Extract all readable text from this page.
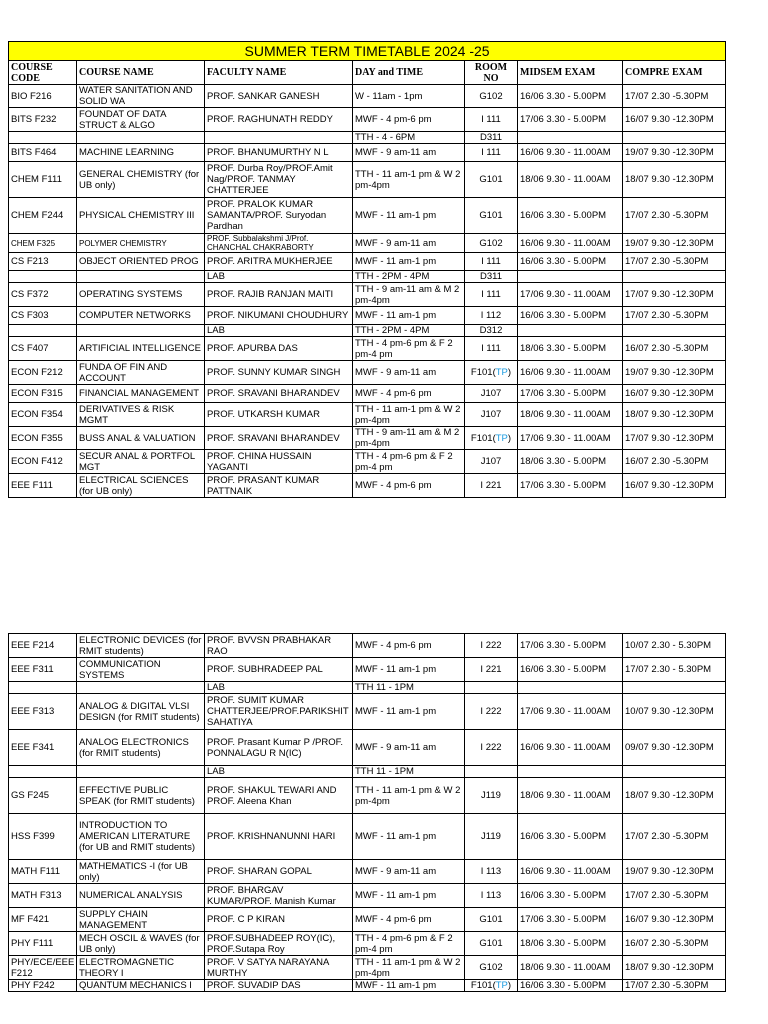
SUMMER TERM TIMETABLE 2024 -25						
COURSE CODE	COURSE NAME	FACULTY NAME	DAY and TIME	ROOM NO	MIDSEM EXAM	COMPRE EXAM
BIO F216	WATER SANITATION AND SOLID WA	PROF. SANKAR GANESH	W - 11am - 1pm	G102	16/06 3.30 - 5.00PM	17/07 2.30 -5.30PM
BITS F232	FOUNDAT OF DATA STRUCT & ALGO	PROF. RAGHUNATH REDDY	MWF - 4 pm-6 pm	I 111	17/06 3.30 - 5.00PM	16/07 9.30 -12.30PM
			TTH - 4 - 6PM	D311		
BITS F464	MACHINE LEARNING	PROF. BHANUMURTHY N L	MWF - 9 am-11 am	I 111	16/06 9.30 - 11.00AM	19/07 9.30 -12.30PM
CHEM F111	GENERAL CHEMISTRY (for UB only)	PROF. Durba Roy/PROF.Amit Nag/PROF. TANMAY CHATTERJEE	TTH - 11 am-1 pm & W 2 pm-4pm	G101	18/06 9.30 - 11.00AM	18/07 9.30 -12.30PM
CHEM F244	PHYSICAL CHEMISTRY III	PROF. PRALOK KUMAR SAMANTA/PROF. Suryodan Pardhan	MWF - 11 am-1 pm	G101	16/06 3.30 - 5.00PM	17/07 2.30 -5.30PM
CHEM F325	POLYMER CHEMISTRY	PROF. Subbalakshmi J/Prof. CHANCHAL CHAKRABORTY	MWF - 9 am-11 am	G102	16/06 9.30 - 11.00AM	19/07 9.30 -12.30PM
CS F213	OBJECT ORIENTED PROG	PROF. ARITRA MUKHERJEE	MWF - 11 am-1 pm	I 111	16/06 3.30 - 5.00PM	17/07 2.30 -5.30PM
		LAB	TTH - 2PM - 4PM	D311		
CS F372	OPERATING SYSTEMS	PROF. RAJIB RANJAN MAITI	TTH - 9 am-11 am & M 2 pm-4pm	I 111	17/06 9.30 - 11.00AM	17/07 9.30 -12.30PM
CS F303	COMPUTER NETWORKS	PROF. NIKUMANI CHOUDHURY	MWF - 11 am-1 pm	I 112	16/06 3.30 - 5.00PM	17/07 2.30 -5.30PM
		LAB	TTH - 2PM - 4PM	D312		
CS F407	ARTIFICIAL INTELLIGENCE	PROF. APURBA DAS	TTH - 4 pm-6 pm & F 2 pm-4 pm	I 111	18/06 3.30 - 5.00PM	16/07 2.30 -5.30PM
ECON F212	FUNDA OF FIN AND ACCOUNT	PROF. SUNNY KUMAR SINGH	MWF - 9 am-11 am	F101(TP)	16/06 9.30 - 11.00AM	19/07 9.30 -12.30PM
ECON F315	FINANCIAL MANAGEMENT	PROF. SRAVANI BHARANDEV	MWF - 4 pm-6 pm	J107	17/06 3.30 - 5.00PM	16/07 9.30 -12.30PM
ECON F354	DERIVATIVES & RISK MGMT	PROF. UTKARSH KUMAR	TTH - 11 am-1 pm & W 2 pm-4pm	J107	18/06 9.30 - 11.00AM	18/07 9.30 -12.30PM
ECON F355	BUSS ANAL & VALUATION	PROF. SRAVANI BHARANDEV	TTH - 9 am-11 am & M 2 pm-4pm	F101(TP)	17/06 9.30 - 11.00AM	17/07 9.30 -12.30PM
ECON F412	SECUR ANAL & PORTFOL MGT	PROF. CHINA HUSSAIN YAGANTI	TTH - 4 pm-6 pm & F 2 pm-4 pm	J107	18/06 3.30 - 5.00PM	16/07 2.30 -5.30PM
EEE F111	ELECTRICAL SCIENCES (for UB only)	PROF. PRASANT KUMAR PATTNAIK	MWF - 4 pm-6 pm	I 221	17/06 3.30 - 5.00PM	16/07 9.30 -12.30PM
EEE F214	ELECTRONIC DEVICES (for RMIT students)	PROF. BVVSN PRABHAKAR RAO	MWF - 4 pm-6 pm	I 222	17/06 3.30 - 5.00PM	10/07 2.30 - 5.30PM
EEE F311	COMMUNICATION SYSTEMS	PROF. SUBHRADEEP PAL	MWF - 11 am-1 pm	I 221	16/06 3.30 - 5.00PM	17/07 2.30 - 5.30PM
		LAB	TTH 11 - 1PM			
EEE F313	ANALOG & DIGITAL VLSI DESIGN (for RMIT students)	PROF. SUMIT KUMAR CHATTERJEE/PROF.PARIKSHIT SAHATIYA	MWF - 11 am-1 pm	I 222	17/06 9.30 - 11.00AM	10/07 9.30 -12.30PM
EEE F341	ANALOG ELECTRONICS (for RMIT students)	PROF. Prasant Kumar P /PROF. PONNALAGU R N(IC)	MWF - 9 am-11 am	I 222	16/06 9.30 - 11.00AM	09/07 9.30 -12.30PM
		LAB	TTH 11 - 1PM			
GS F245	EFFECTIVE PUBLIC SPEAK (for RMIT students)	PROF. SHAKUL TEWARI AND PROF. Aleena Khan	TTH - 11 am-1 pm & W 2 pm-4pm	J119	18/06 9.30 - 11.00AM	18/07 9.30 -12.30PM
HSS F399	INTRODUCTION TO AMERICAN LITERATURE (for UB and RMIT students)	PROF. KRISHNANUNNI HARI	MWF - 11 am-1 pm	J119	16/06 3.30 - 5.00PM	17/07 2.30 -5.30PM
MATH F111	MATHEMATICS -I (for UB only)	PROF. SHARAN GOPAL	MWF - 9 am-11 am	I 113	16/06 9.30 - 11.00AM	19/07 9.30 -12.30PM
MATH F313	NUMERICAL ANALYSIS	PROF. BHARGAV KUMAR/PROF. Manish Kumar	MWF - 11 am-1 pm	I 113	16/06 3.30 - 5.00PM	17/07 2.30 -5.30PM
MF F421	SUPPLY CHAIN MANAGEMENT	PROF. C P KIRAN	MWF - 4 pm-6 pm	G101	17/06 3.30 - 5.00PM	16/07 9.30 -12.30PM
PHY F111	MECH OSCIL & WAVES (for UB only)	PROF.SUBHADEEP ROY(IC), PROF.Sutapa Roy	TTH - 4 pm-6 pm & F 2 pm-4 pm	G101	18/06 3.30 - 5.00PM	16/07 2.30 -5.30PM
PHY/ECE/EEE F212	ELECTROMAGNETIC THEORY I	PROF. V SATYA NARAYANA MURTHY	TTH - 11 am-1 pm & W 2 pm-4pm	G102	18/06 9.30 - 11.00AM	18/07 9.30 -12.30PM
PHY F242	QUANTUM MECHANICS I	PROF. SUVADIP DAS	MWF - 11 am-1 pm	F101(TP)	16/06 3.30 - 5.00PM	17/07 2.30 -5.30PM
